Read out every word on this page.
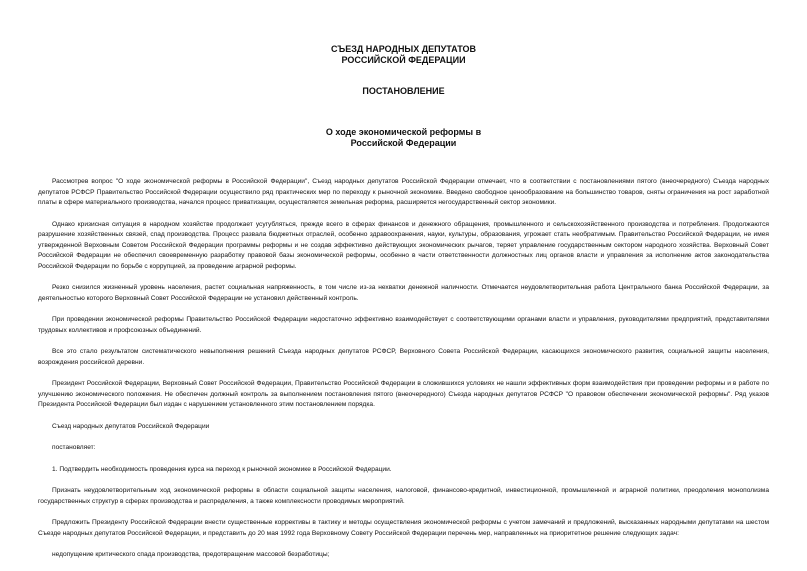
СЪЕЗД НАРОДНЫХ ДЕПУТАТОВ
РОССИЙСКОЙ ФЕДЕРАЦИИ
ПОСТАНОВЛЕНИЕ
О ходе экономической реформы в
Российской Федерации

Рассмотрев вопрос "О ходе экономической реформы в Российской Федерации", Съезд народных депутатов Российской Федерации отмечает, что в соответствии с постановлениями пятого (внеочередного) Съезда народных депутатов РСФСР Правительство Российской Федерации осуществило ряд практических мер по переходу к рыночной экономике. Введено свободное ценообразование на большинство товаров, сняты ограничения на рост заработной платы в сфере материального производства, начался процесс приватизации, осуществляется земельная реформа, расширяется негосударственный сектор экономики.

Однако кризисная ситуация в народном хозяйстве продолжает усугубляться, прежде всего в сферах финансов и денежного обращения, промышленного и сельскохозяйственного производства и потребления. Продолжаются разрушение хозяйственных связей, спад производства. Процесс развала бюджетных отраслей, особенно здравоохранения, науки, культуры, образования, угрожает стать необратимым. Правительство Российской Федерации, не имея утвержденной Верховным Советом Российской Федерации программы реформы и не создав эффективно действующих экономических рычагов, теряет управление государственным сектором народного хозяйства. Верховный Совет Российской Федерации не обеспечил своевременную разработку правовой базы экономической реформы, особенно в части ответственности должностных лиц органов власти и управления за исполнение актов законодательства Российской Федерации по борьбе с коррупцией, за проведение аграрной реформы.

Резко снизился жизненный уровень населения, растет социальная напряженность, в том числе из-за нехватки денежной наличности. Отмечается неудовлетворительная работа Центрального банка Российской Федерации, за деятельностью которого Верховный Совет Российской Федерации не установил действенный контроль.

При проведении экономической реформы Правительство Российской Федерации недостаточно эффективно взаимодействует с соответствующими органами власти и управления, руководителями предприятий, представителями трудовых коллективов и профсоюзных объединений.

Все это стало результатом систематического невыполнения решений Съезда народных депутатов РСФСР, Верховного Совета Российской Федерации, касающихся экономического развития, социальной защиты населения, возрождения российской деревни.

Президент Российской Федерации, Верховный Совет Российской Федерации, Правительство Российской Федерации в сложившихся условиях не нашли эффективных форм взаимодействия при проведении реформы и в работе по улучшению экономического положения. Не обеспечен должный контроль за выполнением постановления пятого (внеочередного) Съезда народных депутатов РСФСР "О правовом обеспечении экономической реформы". Ряд указов Президента Российской Федерации был издан с нарушением установленного этим постановлением порядка.

Съезд народных депутатов Российской Федерации

постановляет:

1. Подтвердить необходимость проведения курса на переход к рыночной экономике в Российской Федерации.

Признать неудовлетворительным ход экономической реформы в области социальной защиты населения, налоговой, финансово-кредитной, инвестиционной, промышленной и аграрной политики, преодоления монополизма государственных структур в сферах производства и распределения, а также комплексности проводимых мероприятий.

Предложить Президенту Российской Федерации внести существенные коррективы в тактику и методы осуществления экономической реформы с учетом замечаний и предложений, высказанных народными депутатами на шестом Съезде народных депутатов Российской Федерации, и представить до 20 мая 1992 года Верховному Совету Российской Федерации перечень мер, направленных на приоритетное решение следующих задач:

недопущение критического спада производства, предотвращение массовой безработицы;
